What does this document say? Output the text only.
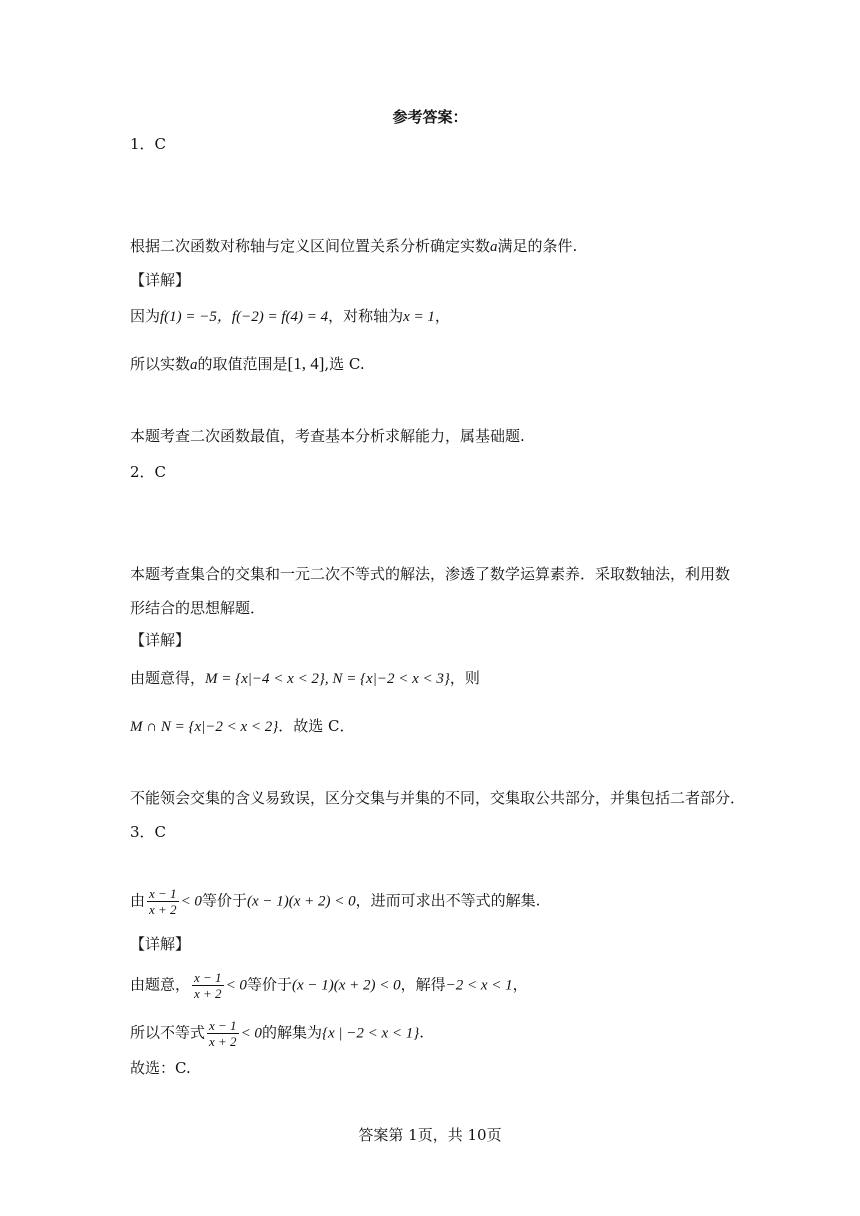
参考答案：
1．C
根据二次函数对称轴与定义区间位置关系分析确定实数a满足的条件.
【详解】
因为f(1) = −5，f(−2) = f(4) = 4，对称轴为x = 1，
所以实数a的取值范围是[1, 4],选 C.
本题考查二次函数最值，考查基本分析求解能力，属基础题.
2．C
本题考查集合的交集和一元二次不等式的解法，渗透了数学运算素养．采取数轴法，利用数
形结合的思想解题．
【详解】
由题意得，M = {x|−4 < x < 2}, N = {x|−2 < x < 3}，则
M ∩ N = {x|−2 < x < 2}．故选 C．
不能领会交集的含义易致误，区分交集与并集的不同，交集取公共部分，并集包括二者部分．
3．C
由 $\frac{x - 1}{x + 2} < 0$等价于(x − 1)(x + 2) < 0，进而可求出不等式的解集.
【详解】
由题意， $\frac{x - 1}{x + 2} < 0$等价于(x − 1)(x + 2) < 0，解得−2 < x < 1，
所以不等式 $\frac{x - 1}{x + 2} < 0$的解集为{x | −2 < x < 1}.
故选：C.
答案第 1页，共 10页
